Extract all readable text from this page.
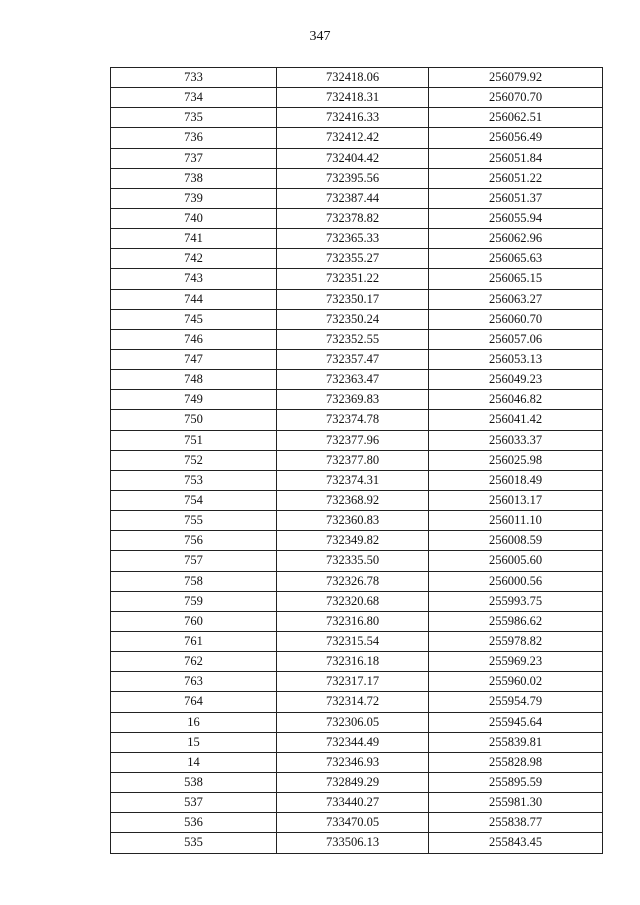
347
733	732418.06	256079.92
734	732418.31	256070.70
735	732416.33	256062.51
736	732412.42	256056.49
737	732404.42	256051.84
738	732395.56	256051.22
739	732387.44	256051.37
740	732378.82	256055.94
741	732365.33	256062.96
742	732355.27	256065.63
743	732351.22	256065.15
744	732350.17	256063.27
745	732350.24	256060.70
746	732352.55	256057.06
747	732357.47	256053.13
748	732363.47	256049.23
749	732369.83	256046.82
750	732374.78	256041.42
751	732377.96	256033.37
752	732377.80	256025.98
753	732374.31	256018.49
754	732368.92	256013.17
755	732360.83	256011.10
756	732349.82	256008.59
757	732335.50	256005.60
758	732326.78	256000.56
759	732320.68	255993.75
760	732316.80	255986.62
761	732315.54	255978.82
762	732316.18	255969.23
763	732317.17	255960.02
764	732314.72	255954.79
16	732306.05	255945.64
15	732344.49	255839.81
14	732346.93	255828.98
538	732849.29	255895.59
537	733440.27	255981.30
536	733470.05	255838.77
535	733506.13	255843.45
